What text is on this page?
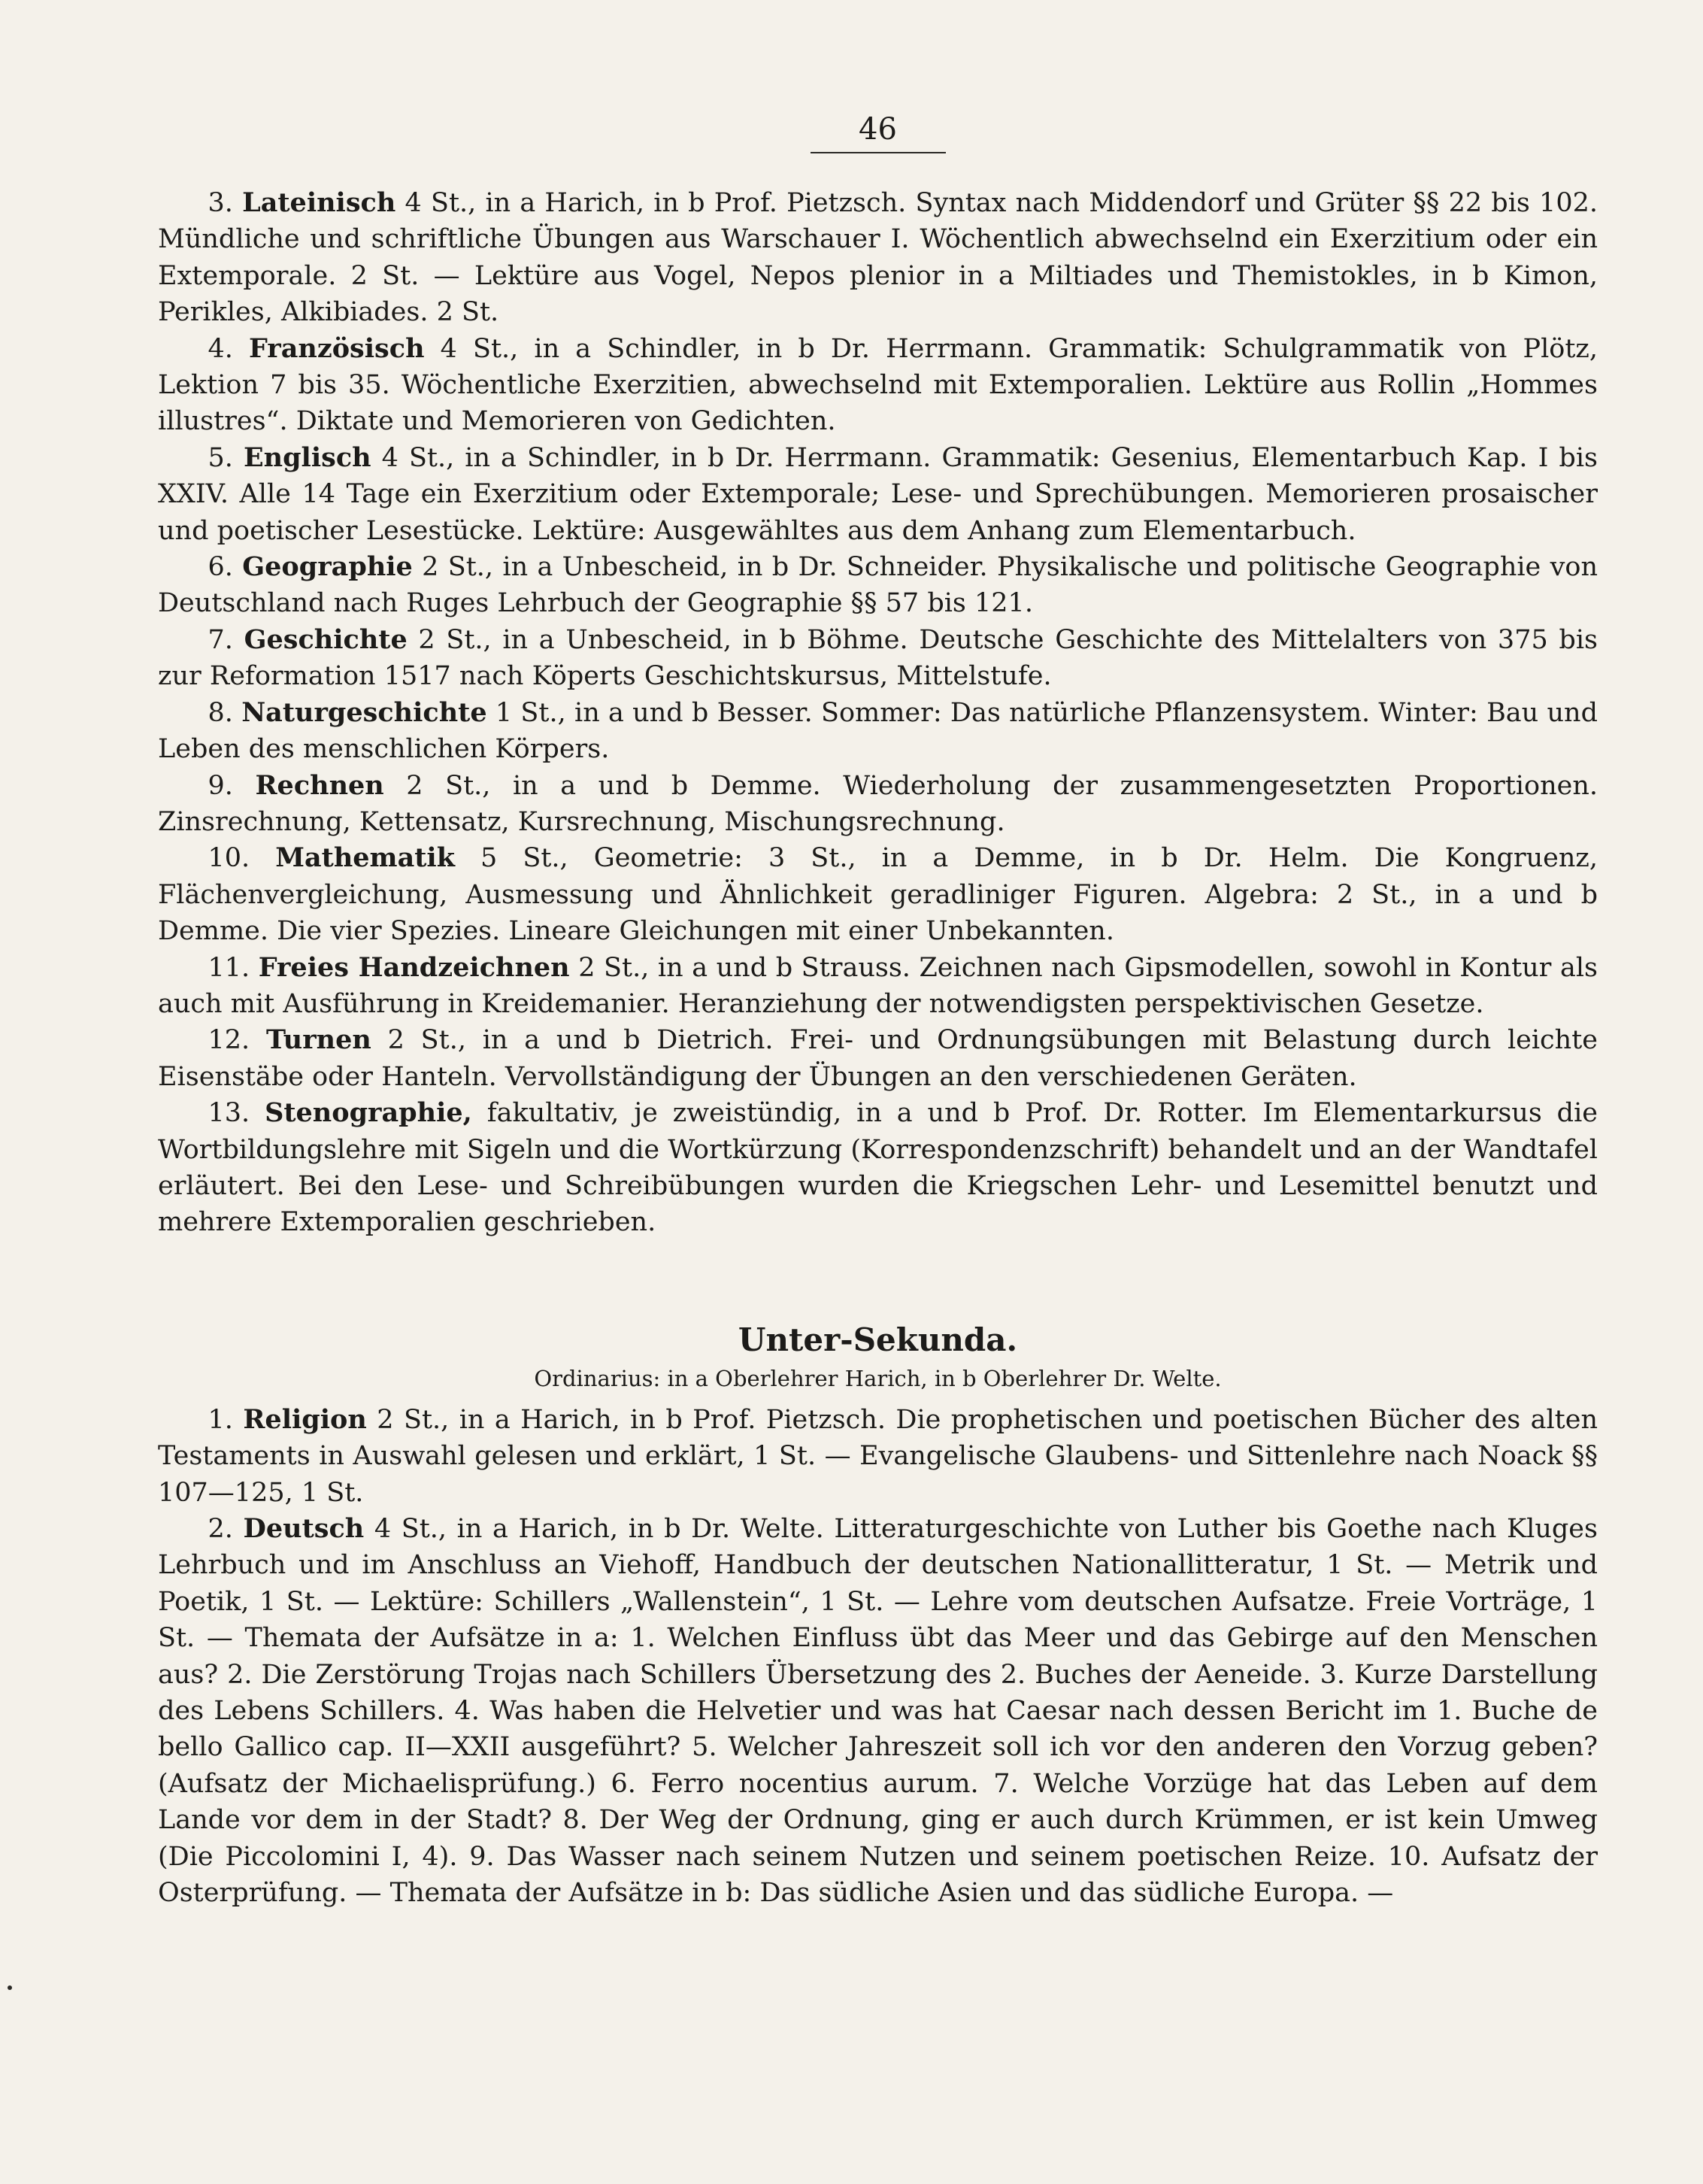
46

3. Lateinisch 4 St., in a Harich, in b Prof. Pietzsch. Syntax nach Middendorf und Grüter §§ 22 bis 102. Mündliche und schriftliche Übungen aus Warschauer I. Wöchentlich abwechselnd ein Exerzitium oder ein Extemporale. 2 St. — Lektüre aus Vogel, Nepos plenior in a Miltiades und Themistokles, in b Kimon, Perikles, Alkibiades. 2 St.

4. Französisch 4 St., in a Schindler, in b Dr. Herrmann. Grammatik: Schulgrammatik von Plötz, Lektion 7 bis 35. Wöchentliche Exerzitien, abwechselnd mit Extemporalien. Lektüre aus Rollin „Hommes illustres“. Diktate und Memorieren von Gedichten.

5. Englisch 4 St., in a Schindler, in b Dr. Herrmann. Grammatik: Gesenius, Elementarbuch Kap. I bis XXIV. Alle 14 Tage ein Exerzitium oder Extemporale; Lese- und Sprechübungen. Memorieren prosaischer und poetischer Lesestücke. Lektüre: Ausgewähltes aus dem Anhang zum Elementarbuch.

6. Geographie 2 St., in a Unbescheid, in b Dr. Schneider. Physikalische und politische Geographie von Deutschland nach Ruges Lehrbuch der Geographie §§ 57 bis 121.

7. Geschichte 2 St., in a Unbescheid, in b Böhme. Deutsche Geschichte des Mittelalters von 375 bis zur Reformation 1517 nach Köperts Geschichtskursus, Mittelstufe.

8. Naturgeschichte 1 St., in a und b Besser. Sommer: Das natürliche Pflanzensystem. Winter: Bau und Leben des menschlichen Körpers.

9. Rechnen 2 St., in a und b Demme. Wiederholung der zusammengesetzten Proportionen. Zinsrechnung, Kettensatz, Kursrechnung, Mischungsrechnung.

10. Mathematik 5 St., Geometrie: 3 St., in a Demme, in b Dr. Helm. Die Kongruenz, Flächenvergleichung, Ausmessung und Ähnlichkeit geradliniger Figuren. Algebra: 2 St., in a und b Demme. Die vier Spezies. Lineare Gleichungen mit einer Unbekannten.

11. Freies Handzeichnen 2 St., in a und b Strauss. Zeichnen nach Gipsmodellen, sowohl in Kontur als auch mit Ausführung in Kreidemanier. Heranziehung der notwendigsten perspektivischen Gesetze.

12. Turnen 2 St., in a und b Dietrich. Frei- und Ordnungsübungen mit Belastung durch leichte Eisenstäbe oder Hanteln. Vervollständigung der Übungen an den verschiedenen Geräten.

13. Stenographie, fakultativ, je zweistündig, in a und b Prof. Dr. Rotter. Im Elementarkursus die Wortbildungslehre mit Sigeln und die Wortkürzung (Korrespondenzschrift) behandelt und an der Wandtafel erläutert. Bei den Lese- und Schreibübungen wurden die Kriegschen Lehr- und Lesemittel benutzt und mehrere Extemporalien geschrieben.

Unter-Sekunda.

Ordinarius: in a Oberlehrer Harich, in b Oberlehrer Dr. Welte.

1. Religion 2 St., in a Harich, in b Prof. Pietzsch. Die prophetischen und poetischen Bücher des alten Testaments in Auswahl gelesen und erklärt, 1 St. — Evangelische Glaubens- und Sittenlehre nach Noack §§ 107—125, 1 St.

2. Deutsch 4 St., in a Harich, in b Dr. Welte. Litteraturgeschichte von Luther bis Goethe nach Kluges Lehrbuch und im Anschluss an Viehoff, Handbuch der deutschen Nationallitteratur, 1 St. — Metrik und Poetik, 1 St. — Lektüre: Schillers „Wallenstein“, 1 St. — Lehre vom deutschen Aufsatze. Freie Vorträge, 1 St. — Themata der Aufsätze in a: 1. Welchen Einfluss übt das Meer und das Gebirge auf den Menschen aus? 2. Die Zerstörung Trojas nach Schillers Übersetzung des 2. Buches der Aeneide. 3. Kurze Darstellung des Lebens Schillers. 4. Was haben die Helvetier und was hat Caesar nach dessen Bericht im 1. Buche de bello Gallico cap. II—XXII ausgeführt? 5. Welcher Jahreszeit soll ich vor den anderen den Vorzug geben? (Aufsatz der Michaelisprüfung.) 6. Ferro nocentius aurum. 7. Welche Vorzüge hat das Leben auf dem Lande vor dem in der Stadt? 8. Der Weg der Ordnung, ging er auch durch Krümmen, er ist kein Umweg (Die Piccolomini I, 4). 9. Das Wasser nach seinem Nutzen und seinem poetischen Reize. 10. Aufsatz der Osterprüfung. — Themata der Aufsätze in b: Das südliche Asien und das südliche Europa. —
